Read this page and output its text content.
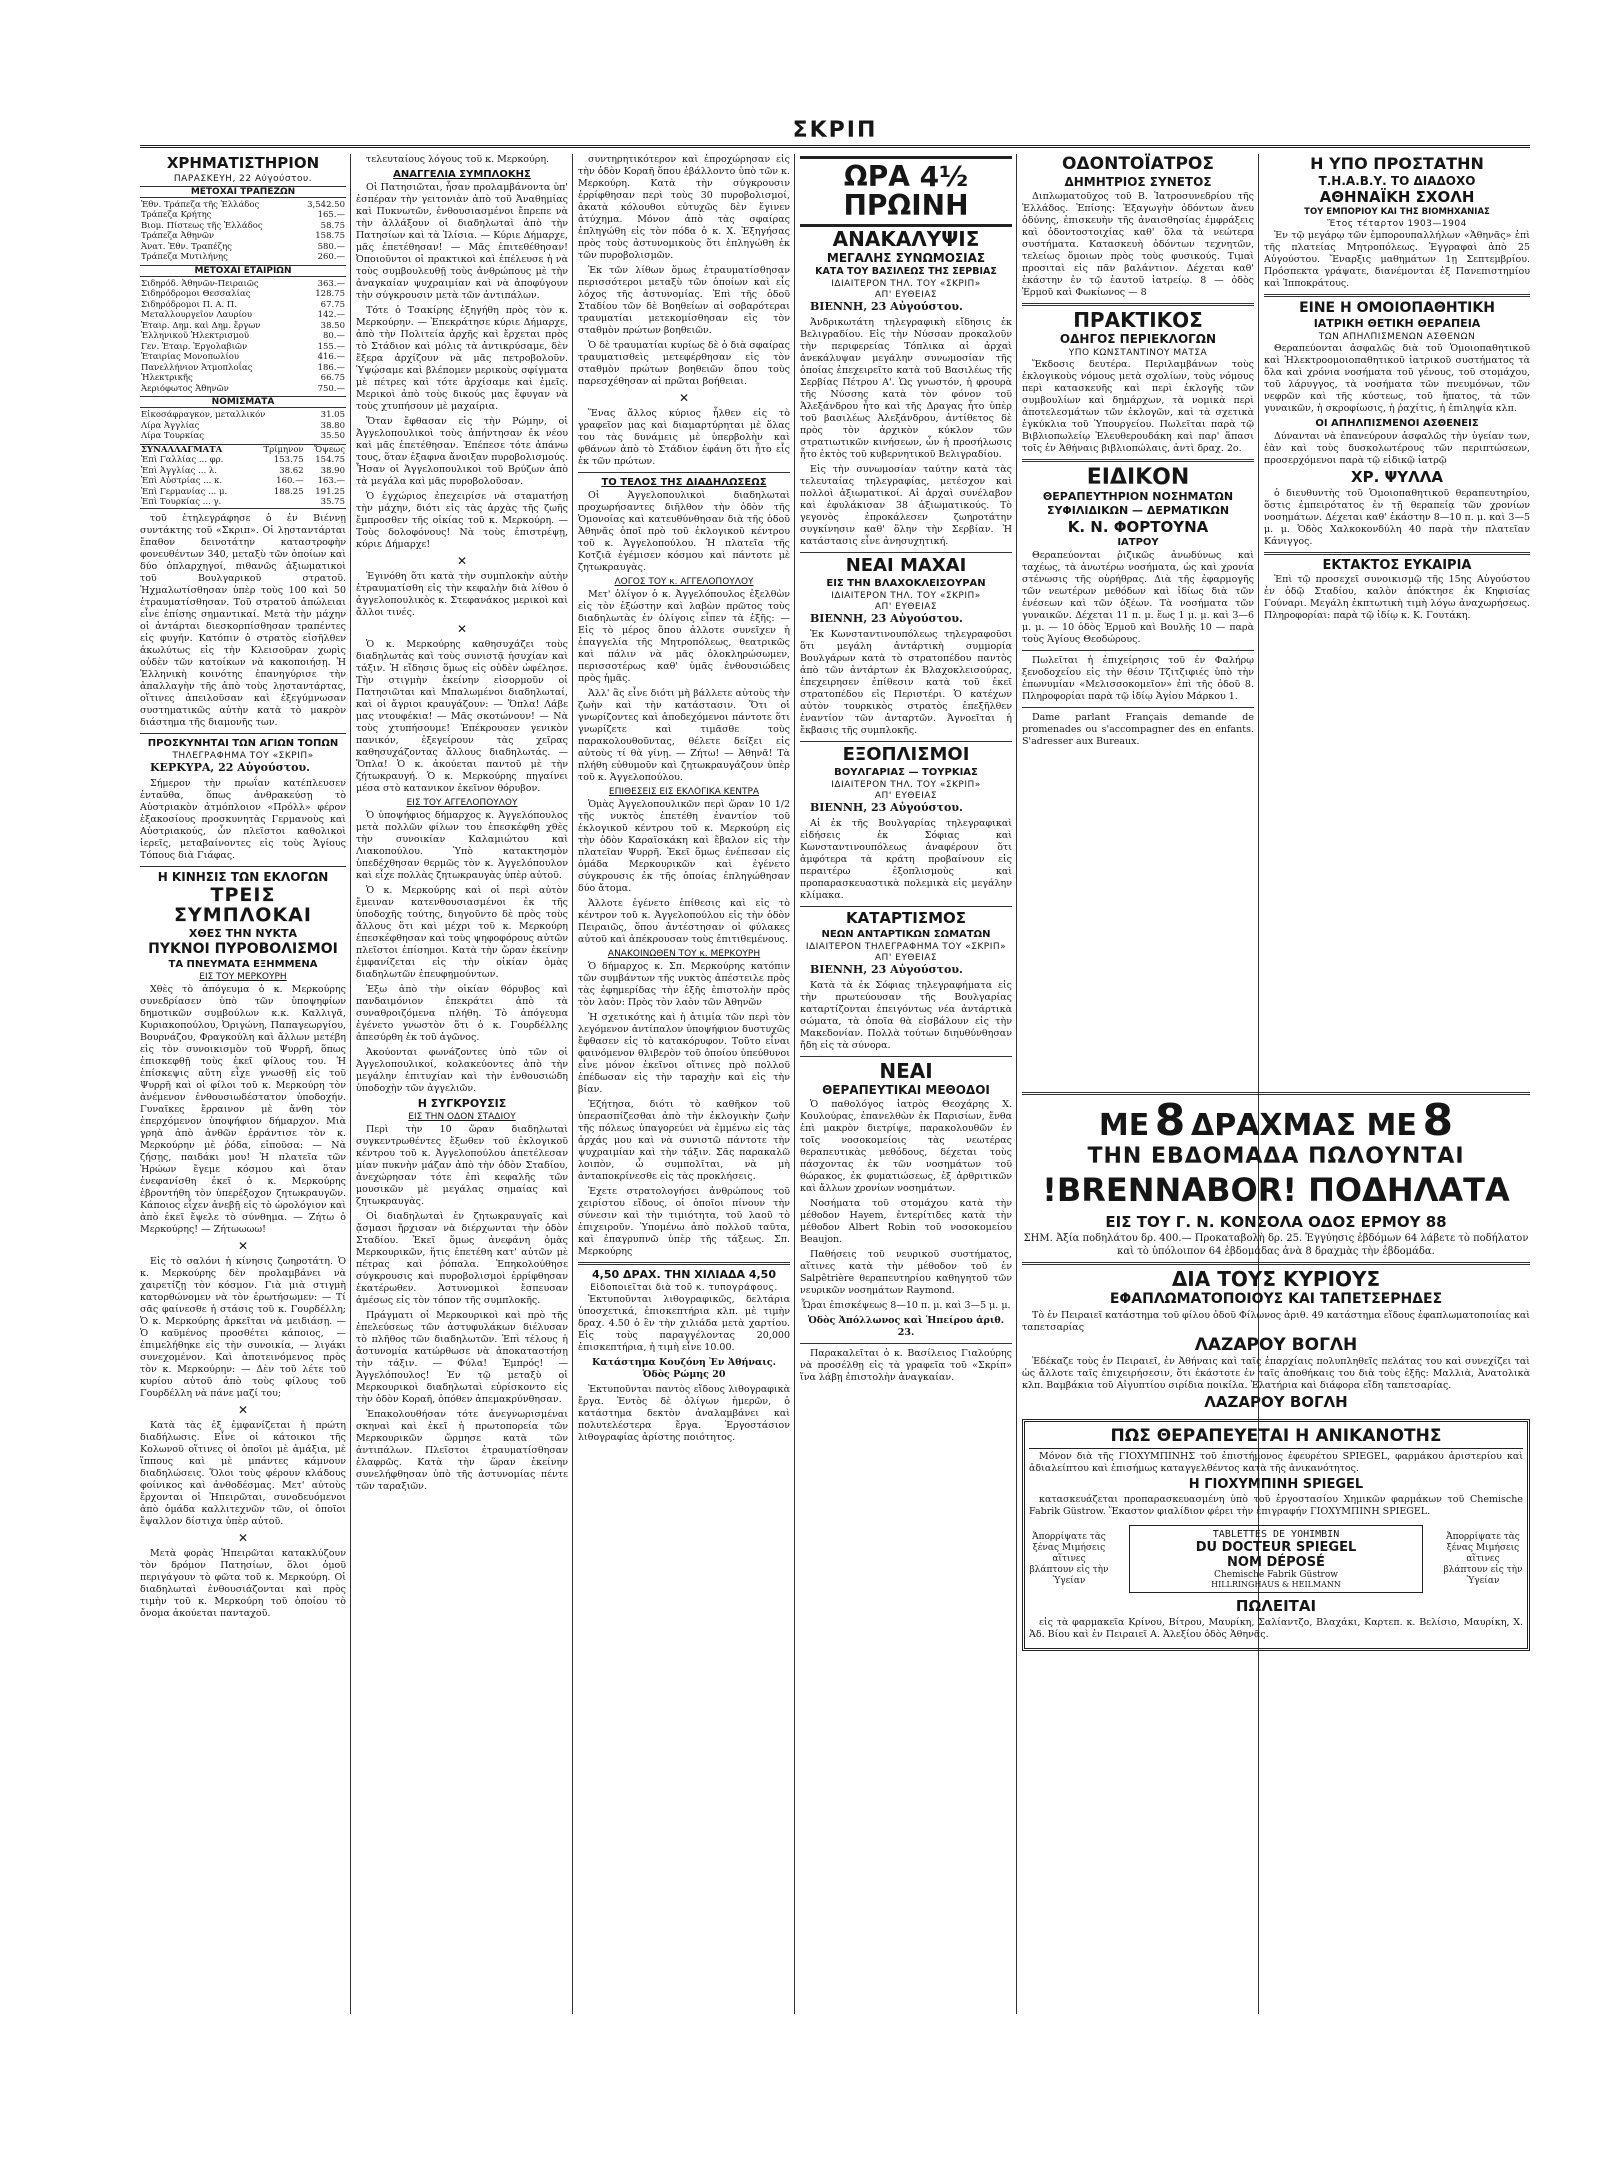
ΣΚΡΙΠ
ΧΡΗΜΑΤΙΣΤΗΡΙΟΝ
ΠΑΡΑΣΚΕΥΗ, 22 Αὐγούστου.
ΜΕΤΟΧΑΙ ΤΡΑΠΕΖΩΝ
Ἐθν. Τράπεζα τῆς Ἑλλάδος	3,542.50
Τράπεζα Κρήτης	165.—
Βιομ. Πίστεως τῆς Ἑλλάδος	58.75
Τράπεζα Ἀθηνῶν	158.75
Ἀνατ. Ἐθν. Τραπέζης	580.—
Τράπεζα Μυτιλήνης	260.—
ΜΕΤΟΧΑΙ ΕΤΑΙΡΙΩΝ
Σιδηρόδ. Ἀθηνῶν-Πειραιῶς	363.—
Σιδηρόδρομοι Θεσσαλίας	128.75
Σιδηρόδρομοι Π. Α. Π.	67.75
Μεταλλουργεῖον Λαυρίου	142.—
Ἑταιρ. Δημ. καὶ Δημ. ἔργων	38.50
Ἑλληνικοῦ Ἠλεκτρισμοῦ	80.—
Γεν. Ἑταιρ. Ἐργολαβιῶν	155.—
Ἑταιρίας Μονοπωλίου	416.—
Πανελλήνιον Ἀτμοπλοΐας	186.—
Ἠλεκτρικῆς	66.75
Ἀεριόφωτος Ἀθηνῶν	750.—
ΝΟΜΙΣΜΑΤΑ
Εἰκοσάφραγκον, μεταλλικόν	31.05
Λίρα Ἀγγλίας	38.80
Λίρα Τουρκίας	35.50
ΣΥΝΑΛΛΑΓΜΑΤΑ	Τρίμηνον	Ὄψεως
Ἐπὶ Γαλλίας ... φρ.	153.75	154.75
Ἐπὶ Ἀγγλίας ... λ.	38.62	38.90
Ἐπὶ Αὐστρίας ... κ.	160.—	163.—
Ἐπὶ Γερμανίας ... μ.	188.25	191.25
Ἐπὶ Τουρκίας ... γ.		35.75

τοῦ ἐτηλεγράφησε ὁ ἐν Βιέννῃ συντάκτης τοῦ «Σκριπ». Οἱ λῃσταντάρται ἔπαθον δεινοτάτην καταστροφὴν φονευθέντων 340, μεταξὺ τῶν ὁποίων καὶ δύο ὁπλαρχηγοί, πιθανῶς ἀξιωματικοὶ τοῦ Βουλγαρικοῦ στρατοῦ. Ἠχμαλωτίσθησαν ὑπὲρ τοὺς 100 καὶ 50 ἐτραυματίσθησαν. Τοῦ στρατοῦ ἀπώλειαι εἶνε ἐπίσης σημαντικαί. Μετὰ τὴν μάχην οἱ ἀντάρται διεσκορπίσθησαν τραπέντες εἰς φυγήν. Κατόπιν ὁ στρατὸς εἰσῆλθεν ἀκωλύτως εἰς τὴν Κλεισοῦραν χωρὶς οὐδὲν τῶν κατοίκων νὰ κακοποιήσῃ. Ἡ Ἑλληνικὴ κοινότης ἐπανηγύρισε τὴν ἀπαλλαγὴν τῆς ἀπὸ τοὺς λῃσταντάρτας, οἵτινες ἀπειλοῦσαν καὶ ἐξεγύμνωσαν συστηματικῶς αὐτὴν κατὰ τὸ μακρὸν διάστημα τῆς διαμονῆς των.

ΠΡΟΣΚΥΝΗΤΑΙ ΤΩΝ ΑΓΙΩΝ ΤΟΠΩΝ
ΤΗΛΕΓΡΑΦΗΜΑ ΤΟΥ «ΣΚΡΙΠ»

ΚΕΡΚΥΡΑ, 22 Αὐγούστου.

Σήμερον τὴν πρωΐαν κατέπλευσεν ἐνταῦθα, ὅπως ἀνθρακεύσῃ τὸ Αὐστριακὸν ἀτμόπλοιον «Πρόλλ» φέρον ἑξακοσίους προσκυνητὰς Γερμανοὺς καὶ Αὐστριακούς, ὧν πλεῖστοι καθολικοὶ ἱερεῖς, μεταβαίνοντες εἰς τοὺς Ἁγίους Τόπους διὰ Γιάφας.

Η ΚΙΝΗΣΙΣ ΤΩΝ ΕΚΛΟΓΩΝ
ΤΡΕΙΣ ΣΥΜΠΛΟΚΑΙ
ΧΘΕΣ ΤΗΝ ΝΥΚΤΑ
ΠΥΚΝΟΙ ΠΥΡΟΒΟΛΙΣΜΟΙ
ΤΑ ΠΝΕΥΜΑΤΑ ΕΞΗΜΜΕΝΑ
ΕΙΣ ΤΟΥ ΜΕΡΚΟΥΡΗ

Χθὲς τὸ ἀπόγευμα ὁ κ. Μερκούρης συνεδρίασεν ὑπὸ τῶν ὑποψηφίων δημοτικῶν συμβούλων κ.κ. Καλλιγᾶ, Κυριακοπούλου, Ὀριγώνη, Παπαγεωργίου, Βουρνάζου, Φραγκούλη καὶ ἄλλων μετέβη εἰς τὸν συνοικισμὸν τοῦ Ψυρρῆ, ὅπως ἐπισκεφθῇ τοὺς ἐκεῖ φίλους του. Ἡ ἐπίσκεψις αὕτη εἶχε γνωσθῇ εἰς τοῦ Ψυρρῆ καὶ οἱ φίλοι τοῦ κ. Μερκούρη τὸν ἀνέμενον ἐνθουσιωδέστατον ὑποδοχήν. Γυναῖκες ἔρραινον μὲ ἄνθη τὸν ἐπερχόμενον ὑποψήφιον δήμαρχον. Μιὰ γρηὰ ἀπὸ ἀνθῶν ἐρράντισε τὸν κ. Μερκούρην μὲ ῥόδα, εἰποῦσα: — Νὰ ζήσῃς, παιδάκι μου! Ἡ πλατεῖα τῶν Ἡρώων ἔγεμε κόσμου καὶ ὅταν ἐνεφανίσθη ἐκεῖ ὁ κ. Μερκούρης ἐβροντήθη τὸν ὑπερέξοχον ζητωκραυγῶν. Κάποιος εἶχεν ἀνεβῇ εἰς τὸ ὡρολόγιον καὶ ἀπὸ ἐκεῖ ἔψελε τὸ σύνθημα. — Ζήτω ὁ Μερκούρης! — Ζήτωωωω!

✕

Εἰς τὸ σαλόνι ἡ κίνησις ζωηροτάτη. Ὁ κ. Μερκούρης δὲν προλαμβάνει νὰ χαιρετίζῃ τὸν κόσμον. Γιὰ μιὰ στιγμὴ κατορθώνομεν νὰ τὸν ἐρωτήσωμεν: — Τί σᾶς φαίνεσθε ἡ στάσις τοῦ κ. Γουρδέλλη; Ὁ κ. Μερκούρης ἀρκεῖται νὰ μειδιάσῃ. — Ὁ καϋμένος προσθέτει κάποιος, — ἐπιμελήθηκε εἰς τὴν συνοικία, — λιγάκι συνεχομένον. Καὶ ἀποτεινόμενος πρὸς τὸν κ. Μερκούρην: — Δὲν τοῦ λέτε τοῦ κυρίου αὐτοῦ ἀπὸ τοὺς φίλους τοῦ Γουρδέλλη νὰ πάνε μαζί του;

✕

Κατὰ τὰς ἐξ ἐμφανίζεται ἡ πρώτη διαδήλωσις. Εἶνε οἱ κάτοικοι τῆς Κολωνοῦ οἵτινες οἱ ὁποῖοι μὲ ἀμάξια, μὲ ἵππους καὶ μὲ μπάντες κάμνουν διαδηλώσεις. Ὅλοι τοὺς φέρουν κλάδους φοίνικος καὶ ἀνθοδέσμας. Μετ' αὐτοὺς ἔρχονται οἱ Ἠπειρῶται, συνοδευόμενοι ἀπὸ ὁμάδα καλλιτεχνῶν τῶν, οἱ ὁποῖοι ἔψαλλον δίστιχα ὑπὲρ αὐτοῦ.

✕

Μετὰ φορὰς Ἠπειρῶται κατακλύζουν τὸν δρόμον Πατησίων, ὅλοι ὁμοῦ περιγάγουν τὸ φῶτα τοῦ κ. Μερκούρη. Οἱ διαδηλωταὶ ἐνθουσιάζονται καὶ πρὸς τιμὴν τοῦ κ. Μερκούρη τοῦ ὁποίου τὸ ὄνομα ἀκούεται πανταχοῦ.

τελευταίους λόγους τοῦ κ. Μερκούρη.

ΑΝΑΓΓΕΛΙΑ ΣΥΜΠΛΟΚΗΣ

Οἱ Πατησιῶται, ἦσαν προλαμβάνοντα ὑπ' ἐσπέραν τὴν γειτονιὰν ἀπὸ τοῦ Ἀναθημίας καὶ Πυκνωτῶν, ἐνθουσιασμένοι ἔπρεπε νὰ τὴν ἀλλάξουν οἱ διαδηλωταὶ ἀπὸ τὴν Πατησίων καὶ τὰ Ἱλίσια. — Κύριε Δήμαρχε, μᾶς ἐπετέθησαν! — Μᾶς ἐπιτεθέθησαν! Ὀποιοῦντοι οἱ πρακτικοὶ καὶ ἐπέλευσε ἡ νὰ τοὺς συμβουλευθῇ τοὺς ἀνθρώπους μὲ τὴν ἀναγκαίαν ψυχραιμίαν καὶ νὰ ἀποφύγουν τὴν σύγκρουσιν μετὰ τῶν ἀντιπάλων.

Τότε ὁ Τσακίρης ἐξηγήθη πρὸς τὸν κ. Μερκούρην. — Ἐπεκράτησε κύριε Δήμαρχε, ἀπὸ τὴν Πολιτεία ἀρχῆς καὶ ἔρχεται πρὸς τὸ Στάδιον καὶ μόλις τὰ ἀντικρύσαμε, δὲν ἔξερα ἀρχίζουν νὰ μᾶς πετροβολοῦν. Ὑψῴσαμε καὶ βλέπομεν μερικοὺς σφίγματα μὲ πέτρες καὶ τότε ἀρχίσαμε καὶ ἐμεῖς. Μερικοὶ ἀπὸ τοὺς δικούς μας ἔφυγαν νὰ τοὺς χτυπήσουν μὲ μαχαίρια.

Ὅταν ἔφθασαν εἰς τὴν Ρώμην, οἱ Ἀγγελοπουλικοὶ τοὺς ἀπήντησαν ἐκ νέου καὶ μᾶς ἐπετέθησαν. Ἐπέπεσε τότε ἀπάνω τους, ὅταν ἐξαφνα ἄνοιξαν πυροβολισμούς. Ἦσαν οἱ Ἀγγελοπουλικοὶ τοῦ Βρύζων ἀπὸ τὰ μεγάλα καὶ μᾶς πυροβολοῦσαν.

Ὁ ἐγχώριος ἐπεχειρίσε νὰ σταματήσῃ τὴν μάχην, διότι εἰς τὰς ἀρχὰς τῆς ζωῆς ἔμπροσθεν τῆς οἰκίας τοῦ κ. Μερκούρη. — Τοὺς δολοφόνους! Νὰ τοὺς ἐπιστρέψῃ, κύριε Δήμαρχε!

✕

Ἐγινόθη ὅτι κατὰ τὴν συμπλοκὴν αὐτὴν ἐτραυματίσθη εἰς τὴν κεφαλὴν διὰ λίθου ὁ ἀγγελοπουλικὸς κ. Στεφανάκος μερικοὶ καὶ ἄλλοι τινές.

✕

Ὁ κ. Μερκούρης καθησυχάζει τοὺς διαδηλωτὰς καὶ τοὺς συνιστᾷ ἡσυχίαν καὶ τάξιν. Ἡ εἴδησις ὅμως εἰς οὐδὲν ὠφέλησε. Τὴν στιγμὴν ἐκείνην εἰσορμοῦν οἱ Πατησιῶται καὶ Μπαλωμένοι διαδηλωταί, καὶ οἱ ἄγριοι κραυγάζουν: — Ὅπλα! Λάβε μας ντουφέκια! — Μᾶς σκοτώνουν! — Νὰ τοὺς χτυπήσουμε! Ἐπέκρουσεν γενικὸν πανικόν, ἐξεγείρουν τὰς χεῖρας καθησυχάζοντας ἄλλους διαδηλωτάς. — Ὅπλα! Ὁ κ. ἀκούεται παντοῦ μὲ τὴν ζήτωκραυγή. Ὁ κ. Μερκούρης πηγαίνει μέσα στὸ κατανικον ἐκεῖνον θόρυβον.

ΕΙΣ ΤΟΥ ΑΓΓΕΛΟΠΟΥΛΟΥ

Ὁ ὑποψήφιος δήμαρχος κ. Ἀγγελόπουλος μετὰ πολλῶν φίλων του ἐπεσκέφθη χθὲς τὴν συνοικίαν Καλαμιώτου καὶ Λιακοπούλου. Ὑπὸ κατακτησμὸν ὑπεδέχθησαν θερμῶς τὸν κ. Ἀγγελόπουλον καὶ εἶχε πολλὰς ζητωκραυγὰς ὑπὲρ αὐτοῦ.

Ὁ κ. Μερκούρης καὶ οἱ περὶ αὐτὸν ἔμειναν κατενθουσιασμένοι ἐκ τῆς ὑποδοχῆς τούτης, διηγοῦντο δὲ πρὸς τοὺς ἄλλους ὅτι καὶ μέχρι τοῦ κ. Μερκούρη ἐπεσκέφθησαν καὶ τοὺς ψηφοφόρους αὐτῶν πλεῖστοι ἐπίσημοι. Κατὰ τὴν ὥραν ἐκείνην ἐμφανίζεται εἰς τὴν οἰκίαν ὁμὰς διαδηλωτῶν ἐπευφημούντων.

Ἐξω ἀπὸ τὴν οἰκίαν θόρυβος καὶ πανδαιμόνιον ἐπεκράτει ἀπὸ τὰ συναθροιζόμενα πλήθη. Τὸ ἀπόγευμα ἐγένετο γνωστὸν ὅτι ὁ κ. Γουρδέλλης ἀπεσύρθη ἐκ τοῦ ἀγῶνος.

Ἀκούονται φωνάζοντες ὑπὸ τῶν οἱ Ἀγγελοπουλικοί, κολακεύοντες ἀπὸ τὴν μεγάλην ἐπιτυχίαν καὶ τὴν ἐνθουσιώδη ὑποδοχὴν τῶν ἀγγελιῶν.

Η ΣΥΓΚΡΟΥΣΙΣ
ΕΙΣ ΤΗΝ ΟΔΟΝ ΣΤΑΔΙΟΥ

Περὶ τὴν 10 ὥραν διαδηλωταὶ συγκεντρωθέντες ἔξωθεν τοῦ ἐκλογικοῦ κέντρου τοῦ κ. Ἀγγελοπούλου ἀπετέλεσαν μίαν πυκνὴν μάζαν ἀπὸ τὴν ὁδὸν Σταδίου, ἀνεχώρησαν τότε ἐπὶ κεφαλῆς τῶν μουσικῶν μὲ μεγάλας σημαίας καὶ ζητωκραυγὰς.

Οἱ διαδηλωταὶ ἐν ζητωκραυγαῖς καὶ ᾄσμασι ἤρχισαν νὰ διέρχωνται τὴν ὁδὸν Σταδίου. Ἐκεῖ ὅμως ἀνεφάνη ὁμὰς Μερκουρικῶν, ἥτις ἐπετέθη κατ' αὐτῶν μὲ πέτρας καὶ ῥόπαλα. Ἐπηκολούθησε σύγκρουσις καὶ πυροβολισμοὶ ἐρρίφθησαν ἐκατέρωθεν. Ἀστυνομικοὶ ἔσπευσαν ἀμέσως εἰς τὸν τόπον τῆς συμπλοκῆς.

Πράγματι οἱ Μερκουρικοὶ καὶ πρὸ τῆς ἐπελεύσεως τῶν ἀστυφυλάκων διέλυσαν τὸ πλῆθος τῶν διαδηλωτῶν. Ἐπὶ τέλους ἡ ἀστυνομία κατώρθωσε νὰ ἀποκαταστήσῃ τὴν τάξιν. — Φύλα! Ἐμπρός! — Ἀγγελόπουλος! Ἐν τῷ μεταξὺ οἱ Μερκουρικοὶ διαδηλωταὶ εὑρίσκοντο εἰς τὴν ὁδὸν Κοραῆ, ὁπόθεν ἀπεμακρύνθησαν.

Ἐπακολουθήσαν τότε ἀνεγνωρισμέναι σκηναὶ καὶ ἐκεῖ ἡ πρωτοπορεία τῶν Μερκουρικῶν ὥρμησε κατὰ τῶν ἀντιπάλων. Πλεῖστοι ἐτραυματίσθησαν ἐλαφρῶς. Κατὰ τὴν ὥραν ἐκείνην συνελήφθησαν ὑπὸ τῆς ἀστυνομίας πέντε τῶν ταραξιῶν.

συντηρητικότερον καὶ ἐπροχώρησαν εἰς τὴν ὁδὸν Κοραῆ ὅπου ἐβάλλοντο ὑπὸ τῶν κ. Μερκούρη. Κατὰ τὴν σύγκρουσιν ἐρρίφθησαν περὶ τοὺς 30 πυροβολισμοί, ἀκατὰ κόλουθοι εὐτυχῶς δὲν ἔγινεν ἀτύχημα. Μόνον ἀπὸ τὰς σφαίρας ἐπληγώθη εἰς τὸν πόδα ὁ κ. Χ. Ἐξηγήσας πρὸς τοὺς ἀστυνομικοὺς ὅτι ἐπληγώθη ἐκ τῶν πυροβολισμῶν.

Ἐκ τῶν λίθων ὅμως ἐτραυματίσθησαν περισσότεροι μεταξὺ τῶν ὁποίων καὶ εἷς λόχος τῆς ἀστυνομίας. Ἐπὶ τῆς ὁδοῦ Σταδίου τῶν δὲ Βοηθείων αἱ σοβαρότεραι τραυματίαι μετεκομίσθησαν εἰς τὸν σταθμὸν πρώτων βοηθειῶν.

Ὁ δὲ τραυματίαι κυρίως δὲ ὁ διὰ σφαίρας τραυματισθεὶς μετεφέρθησαν εἰς τὸν σταθμὸν πρώτων βοηθειῶν ὅπου τοὺς παρεσχέθησαν αἱ πρῶται βοήθειαι.

✕

Ἕνας ἄλλος κύριος ἦλθεν εἰς τὸ γραφεῖον μας καὶ διαμαρτύρηται μὲ ὅλας του τὰς δυνάμεις μὲ ὑπερβολὴν καὶ φθάνων ἀπὸ τὸ Στάδιον ἐφάνη ὅτι ἦτο εἷς ἐκ τῶν πρώτων.

ΤΟ ΤΕΛΟΣ ΤΗΣ ΔΙΑΔΗΛΩΣΕΩΣ

Οἱ Ἀγγελοπουλικοὶ διαδηλωταὶ προχωρήσαντες διῆλθον τὴν ὁδὸν τῆς Ὁμονοίας καὶ κατευθύνθησαν διὰ τῆς ὁδοῦ Ἀθηνᾶς ὁποῖ πρὸ τοῦ ἐκλογικοῦ κέντρου τοῦ κ. Ἀγγελοπούλου. Ἡ πλατεῖα τῆς Κοτζιᾶ ἐγέμισεν κόσμου καὶ πάντοτε μὲ ζητωκραυγὰς.

ΛΟΓΟΣ ΤΟΥ κ. ΑΓΓΕΛΟΠΟΥΛΟΥ

Μετ' ὀλίγον ὁ κ. Ἀγγελόπουλος ἐξελθὼν εἰς τὸν ἐξώστην καὶ λαβὼν πρῶτος τοὺς διαδηλωτὰς ἐν ὀλίγοις εἶπεν τὰ ἑξῆς: — Εἰς τὸ μέρος ὅπου ἀλλοτε συνεῖχεν ἡ ἐπαγγελία τῆς Μητροπόλεως, θεατρικῶς καὶ πάλιν νὰ μᾶς ὁλοκληρώσωμεν, περισσοτέρως καθ' ὑμᾶς ἐνθουσιώδεις πρὸς ἡμᾶς.

Ἀλλ' ἂς εἶνε διότι μὴ βάλλετε αὐτοὺς τὴν ζωὴν καὶ τὴν κατάστασιν. Ὅτι οἱ γνωρίζοντες καὶ ἀποδεχόμενοι πάντοτε ὅτι γνωρίζετε καὶ τιμᾶσθε τοὺς παρακολουθοῦντας, θέλετε δείξει εἰς αὐτοὺς τί θὰ γίνῃ. — Ζήτω! — Ἀθηνᾶ! Τὰ πλήθη εὐθυμοῦν καὶ ζητωκραυγάζουν ὑπὲρ τοῦ κ. Ἀγγελοπούλου.

ΕΠΙΘΕΣΕΙΣ ΕΙΣ ΕΚΛΟΓΙΚΑ ΚΕΝΤΡΑ

Ὁμὰς Ἀγγελοπουλικῶν περὶ ὥραν 10 1/2 τῆς νυκτὸς ἐπετέθη ἐναντίον τοῦ ἐκλογικοῦ κέντρου τοῦ κ. Μερκούρη εἰς τὴν ὁδὸν Καραϊσκάκη καὶ ἔβαλον εἰς τὴν πλατεῖαν Ψυρρῆ. Ἐκεῖ ὅμως ἐνέπεσαν εἰς ὁμάδα Μερκουρικῶν καὶ ἐγένετο σύγκρουσις ἐκ τῆς ὁποίας ἐπληγώθησαν δύο ἄτομα.

Ἀλλοτε ἐγένετο ἐπίθεσις καὶ εἰς τὸ κέντρον τοῦ κ. Ἀγγελοπούλου εἰς τὴν ὁδὸν Πειραιῶς, ὅπου ἀντέστησαν οἱ φύλακες αὐτοῦ καὶ ἀπέκρουσαν τοὺς ἐπιτιθεμένους.

ΑΝΑΚΟΙΝΩΘΕΝ ΤΟΥ κ. ΜΕΡΚΟΥΡΗ

Ὁ δήμαρχος κ. Σπ. Μερκούρης κατόπιν τῶν συμβάντων τῆς νυκτὸς ἀπέστειλε πρὸς τὰς ἐφημερίδας τὴν ἑξῆς ἐπιστολὴν πρὸς τὸν λαὸν: Πρὸς τὸν λαὸν τῶν Ἀθηνῶν

Ἡ σχετικότης καὶ ἡ ἀτιμία τῶν περὶ τὸν λεγόμενον ἀντίπαλον ὑποψήφιον δυστυχῶς ἔφθασεν εἰς τὸ κατακόρυφον. Τοῦτο εἶναι φαινόμενον θλιβερὸν τοῦ ὁποίου ὑπεύθυνοι εἶνε μόνον ἐκεῖνοι οἵτινες πρὸ πολλοῦ ἐπέδωσαν εἰς τὴν ταραχὴν καὶ εἰς τὴν βίαν.

Ἐζήτησα, διότι τὸ καθῆκον τοῦ ὑπερασπίζεσθαι ἀπὸ τὴν ἐκλογικὴν ζωὴν τῆς πόλεως ὑπαγορεύει νὰ ἐμμένω εἰς τὰς ἀρχάς μου καὶ νὰ συνιστῶ πάντοτε τὴν ψυχραιμίαν καὶ τὴν τάξιν. Σᾶς παρακαλῶ λοιπὸν, ὦ συμπολῖται, νὰ μὴ ἀνταποκρίνεσθε εἰς τὰς προκλήσεις.

Ἐχετε στρατολογήσει ἀνθρώπους τοῦ χειρίστου εἴδους, οἱ ὁποῖοι πίνουν τὴν σύνεσιν καὶ τὴν τιμιότητα, τοῦ λαοῦ τὸ ἐπιχειροῦν. Ὑπομένω ἀπὸ πολλοῦ ταῦτα, καὶ ἐπαγρυπνῶ ὑπὲρ τῆς τάξεως. Σπ. Μερκούρης

4,50 ΔΡΑΧ. ΤΗΝ ΧΙΛΙΑΔΑ 4,50
Εἰδοποιεῖται διὰ τοῦ κ. τυπογράφους.

Ἐκτυποῦνται λιθογραφικῶς, δελτάρια ὑποσχετικά, ἐπισκεπτήρια κλπ. μὲ τιμὴν δραχ. 4.50 ὁ ἓν τὴν χιλιάδα μετὰ χαρτίου. Εἰς τοὺς παραγγέλοντας 20,000 ἐπισκεπτήρια, ἡ τιμὴ εἶνε 10.00.

Κατάστημα Κουζόνη Ἐν Ἀθήναις. Ὁδὸς Ρώμης 20

Ἐκτυποῦνται παντὸς εἴδους λιθογραφικὰ ἔργα. Ἐντὸς δὲ ὀλίγων ἡμερῶν, ὁ κατάστημα δεκτὸν ἀναλαμβάνει καὶ πολυτελέστερα ἔργα. Ἐργοστάσιον λιθογραφίας ἀρίστης ποιότητος.

ΩΡΑ 4½ ΠΡΩΙΝΗ
ΑΝΑΚΑΛΥΨΙΣ
ΜΕΓΑΛΗΣ ΣΥΝΩΜΟΣΙΑΣ
ΚΑΤΑ ΤΟΥ ΒΑΣΙΛΕΩΣ ΤΗΣ ΣΕΡΒΙΑΣ
ΙΔΙΑΙΤΕΡΟΝ ΤΗΛ. ΤΟΥ «ΣΚΡΙΠ»
ΑΠ' ΕΥΘΕΙΑΣ

ΒΙΕΝΝΗ, 23 Αὐγούστου.

Ἀνδρικωτάτη τηλεγραφικὴ εἴδησις ἐκ Βελιγραδίου. Εἰς τὴν Νύσσαν προκαλοῦν τὴν περιφερείας Τόπλικα αἱ ἀρχαὶ ἀνεκάλυψαν μεγάλην συνωμοσίαν τῆς ὀποίας ἐπεχειρεῖτο κατὰ τοῦ Βασιλέως τῆς Σερβίας Πέτρου Α'. Ὡς γνωστόν, ἡ φρουρὰ τῆς Νύσσης κατὰ τὸν φόνον τοῦ Ἀλεξάνδρου ἦτο καὶ τῆς Δραγας ἦτο ὑπὲρ τοῦ βασιλέως Ἀλεξάνδρου, ἀντίθετος δὲ πρὸς τὸν ἀρχικὸν κύκλον τῶν στρατιωτικῶν κινήσεων, ὧν ἡ προσήλωσις ἦτο ἐκτὸς τοῦ κυβερνητικοῦ Βελιγραδίου.

Εἰς τὴν συνωμοσίαν ταύτην κατὰ τὰς τελευταίας τηλεγραφίας, μετέσχον καὶ πολλοὶ ἀξιωματικοί. Αἱ ἀρχαὶ συνέλαβον καὶ ἐφυλάκισαν 38 ἀξιωματικούς. Τὸ γεγονὸς ἐπροκάλεσεν ζωηροτάτην συγκίνησιν καθ' ὅλην τὴν Σερβίαν. Ἡ κατάστασις εἶνε ἀνησυχητική.

ΝΕΑΙ ΜΑΧΑΙ
ΕΙΣ ΤΗΝ ΒΛΑΧΟΚΛΕΙΣΟΥΡΑΝ
ΙΔΙΑΙΤΕΡΟΝ ΤΗΛ. ΤΟΥ «ΣΚΡΙΠ»
ΑΠ' ΕΥΘΕΙΑΣ

ΒΙΕΝΝΗ, 23 Αὐγούστου.

Ἐκ Κωνσταντινουπόλεως τηλεγραφοῦσι ὅτι μεγάλη ἀντάρτικὴ συμμορία Βουλγάρων κατὰ τὸ στρατοπέδου παντὸς ἀπὸ τῶν ἀντάρτων ἐκ Βλαχοκλεισούρας, ἐπεχειρησεν ἐπίθεσιν κατὰ τοῦ ἐκεῖ στρατοπέδου εἰς Περιστέρι. Ὁ κατέχων αὐτὸν τουρκικὸς στρατὸς ἐπεξῆλθεν ἐναντίον τῶν ἀνταρτῶν. Ἀγνοεῖται ἡ ἔκβασις τῆς συμπλοκῆς.

ΕΞΟΠΛΙΣΜΟΙ
ΒΟΥΛΓΑΡΙΑΣ — ΤΟΥΡΚΙΑΣ
ΙΔΙΑΙΤΕΡΟΝ ΤΗΛ. ΤΟΥ «ΣΚΡΙΠ»
ΑΠ' ΕΥΘΕΙΑΣ

ΒΙΕΝΝΗ, 23 Αὐγούστου.

Αἱ ἐκ τῆς Βουλγαρίας τηλεγραφικαὶ εἰδήσεις ἐκ Σόφιας καὶ Κωνσταντινουπόλεως ἀναφέρουν ὅτι ἀμφότερα τὰ κράτη προβαίνουν εἰς περαιτέρω ἐξοπλισμοὺς καὶ προπαρασκευαστικὰ πολεμικὰ εἰς μεγάλην κλίμακα.

ΚΑΤΑΡΤΙΣΜΟΣ
ΝΕΩΝ ΑΝΤΑΡΤΙΚΩΝ ΣΩΜΑΤΩΝ
ΙΔΙΑΙΤΕΡΟΝ ΤΗΛΕΓΡΑΦΗΜΑ ΤΟΥ «ΣΚΡΙΠ»
ΑΠ' ΕΥΘΕΙΑΣ

ΒΙΕΝΝΗ, 23 Αὐγούστου.

Κατὰ τὰ ἐκ Σόφιας τηλεγραφήματα εἰς τὴν πρωτεύουσαν τῆς Βουλγαρίας καταρτίζονται ἐπειγόντως νέα ἀντάρτικὰ σώματα, τὰ ὁποῖα θὰ εἰσβάλουν εἰς τὴν Μακεδονίαν. Πολλὰ τούτων διηυθύνθησαν ἤδη εἰς τὰ σύνορα.

ΝΕΑΙ
ΘΕΡΑΠΕΥΤΙΚΑΙ ΜΕΘΟΔΟΙ

Ὁ παθολόγος ἰατρὸς Θεοχάρης Χ. Κουλούρας, ἐπανελθὼν ἐκ Παρισίων, ἔνθα ἐπὶ μακρὸν διετρίψε, παρακολουθῶν ἐν τοῖς νοσοκομείοις τὰς νεωτέρας θεραπευτικὰς μεθόδους, δέχεται τοὺς πάσχοντας ἐκ τῶν νοσημάτων τοῦ θώρακος, ἐκ φυματιώσεως, ἐξ ἀρθριτικῶν καὶ ἄλλων χρονίων νοσημάτων.

Νοσήματα τοῦ στομάχου κατὰ τὴν μέθοδον Hayem, ἐντερίτιδες κατὰ τὴν μέθοδον Albert Robin τοῦ νοσοκομείου Beaujon.

Παθήσεις τοῦ νευρικοῦ συστήματος, αἵτινες κατὰ τὴν μέθοδον τοῦ ἐν Salpêtrière θεραπευτηρίου καθηγητοῦ τῶν νευρικῶν νοσημάτων Raymond.

Ὧραι ἐπισκέψεως 8—10 π. μ. καὶ 3—5 μ. μ.

Ὁδὸς Ἀπόλλωνος καὶ Ἡπείρου ἀριθ. 23.

Παρακαλεῖται ὁ κ. Βασίλειος Γιαλούρης νὰ προσέλθῃ εἰς τὰ γραφεῖα τοῦ «Σκρίπ» ἵνα λάβῃ ἐπιστολὴν ἀναγκαίαν.

ΟΔΟΝΤΟΪΑΤΡΟΣ
ΔΗΜΗΤΡΙΟΣ ΣΥΝΕΤΟΣ

Διπλωματοῦχος τοῦ Β. Ἰατροσυνεδρίου τῆς Ἑλλάδος. Ἐπίσης: Ἐξαγωγὴν ὀδόντων ἄνευ ὀδύνης, ἐπισκευὴν τῆς ἀναισθησίας ἐμφράξεις καὶ ὀδοντοστοιχίας καθ' ὅλα τὰ νεώτερα συστήματα. Κατασκευὴ ὀδόντων τεχνητῶν, τελείως ὅμοιων πρὸς τοὺς φυσικούς. Τιμαὶ προσιταὶ εἰς πᾶν βαλάντιον. Δέχεται καθ' ἑκάστην ἐν τῷ ἑαυτοῦ ἰατρείῳ. 8 — ὁδὸς Ἑρμοῦ καὶ Φωκίωνος — 8

ΠΡΑΚΤΙΚΟΣ
ΟΔΗΓΟΣ ΠΕΡΙΕΚΛΟΓΩΝ
ΥΠΟ ΚΩΝΣΤΑΝΤΙΝΟΥ ΜΑΤΣΑ

Ἔκδοσις δευτέρα. Περιλαμβάνων τοὺς ἐκλογικοὺς νόμους μετὰ σχολίων, τοὺς νόμους περὶ κατασκευῆς καὶ περὶ ἐκλογῆς τῶν συμβουλίων καὶ δημάρχων, τὰ νομικὰ περὶ ἀποτελεσμάτων τῶν ἐκλογῶν, καὶ τὰ σχετικὰ ἐγκύκλια τοῦ Ὑπουργείου. Πωλεῖται παρὰ τῷ Βιβλιοπωλείῳ Ἐλευθερουδάκη καὶ παρ' ἅπασι τοῖς ἐν Ἀθήναις βιβλιοπώλαις, ἀντὶ δραχ. 2ο.

ΕΙΔΙΚΟΝ
ΘΕΡΑΠΕΥΤΗΡΙΟΝ ΝΟΣΗΜΑΤΩΝ
ΣΥΦΙΛΙΔΙΚΩΝ — ΔΕΡΜΑΤΙΚΩΝ
Κ. Ν. ΦΟΡΤΟΥΝΑ
ΙΑΤΡΟΥ

Θεραπεύονται ῥιζικῶς ἀνωδύνως καὶ ταχέως, τὰ ἀνωτέρω νοσήματα, ὡς καὶ χρονία στένωσις τῆς οὐρήθρας. Διὰ τῆς ἐφαρμογῆς τῶν νεωτέρων μεθόδων καὶ ἰδίως διὰ τῶν ἐνέσεων καὶ τῶν ὀξέων. Τὰ νοσήματα τῶν γυναικῶν. Δέχεται 11 π. μ. ἕως 1 μ. μ. καὶ 3—6 μ. μ. — 10 ὁδὸς Ἑρμοῦ καὶ Βουλῆς 10 — παρὰ τοὺς Ἁγίους Θεοδώρους.

Πωλεῖται ἡ ἐπιχείρησις τοῦ ἐν Φαλήρῳ ξενοδοχείου εἰς τὴν θέσιν Τζιτζιφιές ὑπὸ τὴν ἐπωνυμίαν «Μελισσοκομεῖον» ἐπὶ τῆς ὁδοῦ 8. Πληροφορίαι παρὰ τῷ ἰδίῳ Ἁγίου Μάρκου 1.

Dame parlant Français demande de promenades ou s'accompagner des en enfants. S'adresser aux Bureaux.

Η ΥΠΟ ΠΡΟΣΤΑΤΗΝ
Τ.Η.Α.Β.Υ. ΤΟ ΔΙΑΔΟΧΟ
ΑΘΗΝΑΪΚΗ ΣΧΟΛΗ
ΤΟΥ ΕΜΠΟΡΙΟΥ ΚΑΙ ΤΗΣ ΒΙΟΜΗΧΑΝΙΑΣ
Ἔτος τέταρτον 1903—1904

Ἐν τῷ μεγάρῳ τῶν ἐμπορουπαλλήλων «Ἀθηνᾶς» ἐπὶ τῆς πλατείας Μητροπόλεως. Ἐγγραφαὶ ἀπὸ 25 Αὐγούστου. Ἔναρξις μαθημάτων 1ῃ Σεπτεμβρίου. Πρόσπεκτα γράψατε, διανέμονται ἐξ Πανεπιστημίου καὶ Ἱπποκράτους.

ΕΙΝΕ Η ΟΜΟΙΟΠΑΘΗΤΙΚΗ
ΙΑΤΡΙΚΗ ΘΕΤΙΚΗ ΘΕΡΑΠΕΙΑ
ΤΩΝ ΑΠΗΛΠΙΣΜΕΝΩΝ ΑΣΘΕΝΩΝ

Θεραπεύονται ἀσφαλῶς διὰ τοῦ Ὁμοιοπαθητικοῦ καὶ Ἠλεκτροομοιοπαθητικοῦ ἰατρικοῦ συστήματος τὰ ὅλα καὶ χρόνια νοσήματα τοῦ γένους, τοῦ στομάχου, τοῦ λάρυγγος, τὰ νοσήματα τῶν πνευμόνων, τῶν νεφρῶν καὶ τῆς κύστεως, τοῦ ἥπατος, τὰ τῶν γυναικῶν, ἡ σκροφίωσις, ἡ ῥαχίτις, ἡ ἐπιληψία κλπ.

ΟΙ ΑΠΗΛΠΙΣΜΕΝΟΙ ΑΣΘΕΝΕΙΣ

Δύνανται νὰ ἐπανεύρουν ἀσφαλῶς τὴν ὑγείαν των, ἐὰν καὶ τοὺς δυσκολωτέρους τῶν περιπτώσεων, προσερχόμενοι παρὰ τῷ εἰδικῷ ἰατρῷ

ΧΡ. ΨΥΛΛΑ

ὁ διευθυντὴς τοῦ Ὁμοιοπαθητικοῦ θεραπευτηρίου, ὅστις ἐμπειρότατος ἐν τῇ θεραπείᾳ τῶν χρονίων νοσημάτων. Δέχεται καθ' ἑκάστην 8—10 π. μ. καὶ 3—5 μ. μ. Ὁδὸς Χαλκοκονδύλη 40 παρὰ τὴν πλατεῖαν Κάνιγγος.

ΕΚΤΑΚΤΟΣ ΕΥΚΑΙΡΙΑ

Ἐπὶ τῷ προσεχεῖ συνοικισμῷ τῆς 15ης Αὐγούστου ἐν ὁδῷ Σταδίου, καλὸν ἀπόκτησε ἐκ Κηφισίας Γούναρι. Μεγάλη ἐκπτωτικὴ τιμὴ λόγω ἀναχωρήσεως. Πληροφορίαι: παρὰ τῷ ἰδίῳ κ. Κ. Γουτάκη.

ΜΕ 8 ΔΡΑΧΜΑΣ ΜΕ 8
ΤΗΝ ΕΒΔΟΜΑΔΑ ΠΩΛΟΥΝΤΑΙ
!BRENNABOR! ΠΟΔΗΛΑΤΑ
ΕΙΣ ΤΟΥ Γ. Ν. ΚΟΝΣΟΛΑ ΟΔΟΣ ΕΡΜΟΥ 88

ΣΗΜ. Ἀξία ποδηλάτου δρ. 400.— Προκαταβολὴ δρ. 25. Ἐγγύησις ἐβδόμων 64 λάβετε τὸ ποδήλατον καὶ τὸ ὑπόλοιπον 64 ἑβδομάδας ἀνὰ 8 δραχμὰς τὴν ἑβδομάδα.

ΔΙΑ ΤΟΥΣ ΚΥΡΙΟΥΣ
ΕΦΑΠΛΩΜΑΤΟΠΟΙΟΥΣ ΚΑΙ ΤΑΠΕΤΣΕΡΗΔΕΣ

Τὸ ἐν Πειραιεῖ κατάστημα τοῦ φίλου ὁδοῦ Φίλωνος ἀριθ. 49 κατάστημα εἴδους ἐφαπλωματοποιίας καὶ ταπετσαρίας

ΛΑΖΑΡΟΥ ΒΟΓΛΗ

Ἐδέκαζε τοὺς ἐν Πειραιεῖ, ἐν Ἀθήναις καὶ ταῖς ἐπαρχίαις πολυπληθεῖς πελάτας του καὶ συνεχίζει ταὶ ὡς ἄλλοτε ταῖς ἐπιχειρήσεσιν, ὅτι ἐκάστοτε ἐν ταῖς ἀποθήκαις του διὰ τοὺς ἐξῆς: Μαλλιὰ, Ἀνατολικὰ κλπ. Βαμβάκια τοῦ Αἰγυπτίου σιρίδια ποικίλα. Ἐλατήρια καὶ διάφορα εἴδη ταπετσαρίας.

ΛΑΖΑΡΟΥ ΒΟΓΛΗ
ΠΩΣ ΘΕΡΑΠΕΥΕΤΑΙ Η ΑΝΙΚΑΝΟΤΗΣ

Μόνον διὰ τῆς ΓΙΟΧΥΜΠΙΝΗΣ τοῦ ἐπιστήμονος ἐφευρέτου SPIEGEL, φαρμάκου ἀριστερίου καὶ ἀδιαλείπτου καὶ ἐπισήμως καταγγελθέντος κατὰ τῆς ἀνικανότητος.

Η ΓΙΟΧΥΜΠΙΝΗ SPIEGEL

κατασκευάζεται προπαρασκευασμένη ὑπὸ τοῦ ἐργοστασίου Χημικῶν φαρμάκων τοῦ Chemische Fabrik Güstrow. Ἕκαστον φιαλίδιον φέρει τὴν ἐπιγραφήν ΓΙΟΧΥΜΠΙΝΗ SPIEGEL.

Ἀπορρίψατε τὰς ξένας Μιμήσεις αἵτινες βλάπτουν εἰς τὴν Ὑγείαν
TABLETTES DE YOHIMBIN
DU DOCTEUR SPIEGEL
NOM DÉPOSÉ
Chemische Fabrik Güstrow
HILLRINGHAUS & HEILMANN
Ἀπορρίψατε τὰς ξένας Μιμήσεις αἵτινες βλάπτουν εἰς τὴν Ὑγείαν
ΠΩΛΕΙΤΑΙ

εἰς τὰ φαρμακεῖα Κρίνου, Βίτρου, Μαυρίκη, Σαλίαντζο, Βλαχάκι, Καρτεπ. κ. Βελίσιο, Μαυρίκη, Χ. Ἀδ. Βίου καὶ ἐν Πειραιεῖ Α. Ἀλεξίου ὁδὸς Ἀθηνᾶς.
